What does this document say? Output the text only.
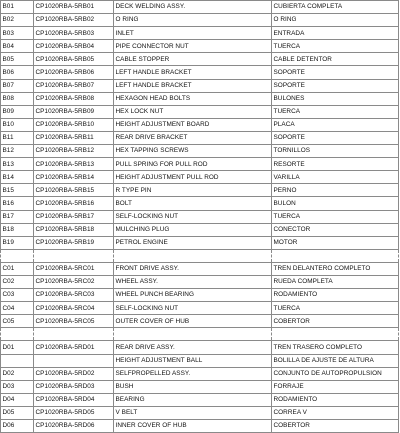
B01	CP1020RBA-5RB01	DECK WELDING ASSY.	CUBIERTA COMPLETA
B02	CP1020RBA-5RB02	O RING	O RING
B03	CP1020RBA-5RB03	INLET	ENTRADA
B04	CP1020RBA-5RB04	PIPE CONNECTOR NUT	TUERCA
B05	CP1020RBA-5RB05	CABLE STOPPER	CABLE DETENTOR
B06	CP1020RBA-5RB06	LEFT HANDLE BRACKET	SOPORTE
B07	CP1020RBA-5RB07	LEFT HANDLE BRACKET	SOPORTE
B08	CP1020RBA-5RB08	HEXAGON HEAD BOLTS	BULONES
B09	CP1020RBA-5RB09	HEX LOCK NUT	TUERCA
B10	CP1020RBA-5RB10	HEIGHT ADJUSTMENT BOARD	PLACA
B11	CP1020RBA-5RB11	REAR DRIVE BRACKET	SOPORTE
B12	CP1020RBA-5RB12	HEX TAPPING SCREWS	TORNILLOS
B13	CP1020RBA-5RB13	PULL SPRING FOR PULL ROD	RESORTE
B14	CP1020RBA-5RB14	HEIGHT ADJUSTMENT PULL ROD	VARILLA
B15	CP1020RBA-5RB15	R TYPE PIN	PERNO
B16	CP1020RBA-5RB16	BOLT	BULON
B17	CP1020RBA-5RB17	SELF-LOCKING NUT	TUERCA
B18	CP1020RBA-5RB18	MULCHING PLUG	CONECTOR
B19	CP1020RBA-5RB19	PETROL ENGINE	MOTOR

C01	CP1020RBA-5RC01	FRONT DRIVE ASSY.	TREN DELANTERO COMPLETO
C02	CP1020RBA-5RC02	WHEEL ASSY.	RUEDA COMPLETA
C03	CP1020RBA-5RC03	WHEEL PUNCH BEARING	RODAMIENTO
C04	CP1020RBA-5RC04	SELF-LOCKING NUT	TUERCA
C05	CP1020RBA-5RC05	OUTER COVER OF HUB	COBERTOR

D01	CP1020RBA-5RD01	REAR DRIVE ASSY.	TREN TRASERO COMPLETO
		HEIGHT ADJUSTMENT BALL	BOLILLA DE AJUSTE DE ALTURA
D02	CP1020RBA-5RD02	SELFPROPELLED ASSY.	CONJUNTO DE AUTOPROPULSION
D03	CP1020RBA-5RD03	BUSH	FORRAJE
D04	CP1020RBA-5RD04	BEARING	RODAMIENTO
D05	CP1020RBA-5RD05	V BELT	CORREA V
D06	CP1020RBA-5RD06	INNER COVER OF HUB	COBERTOR
